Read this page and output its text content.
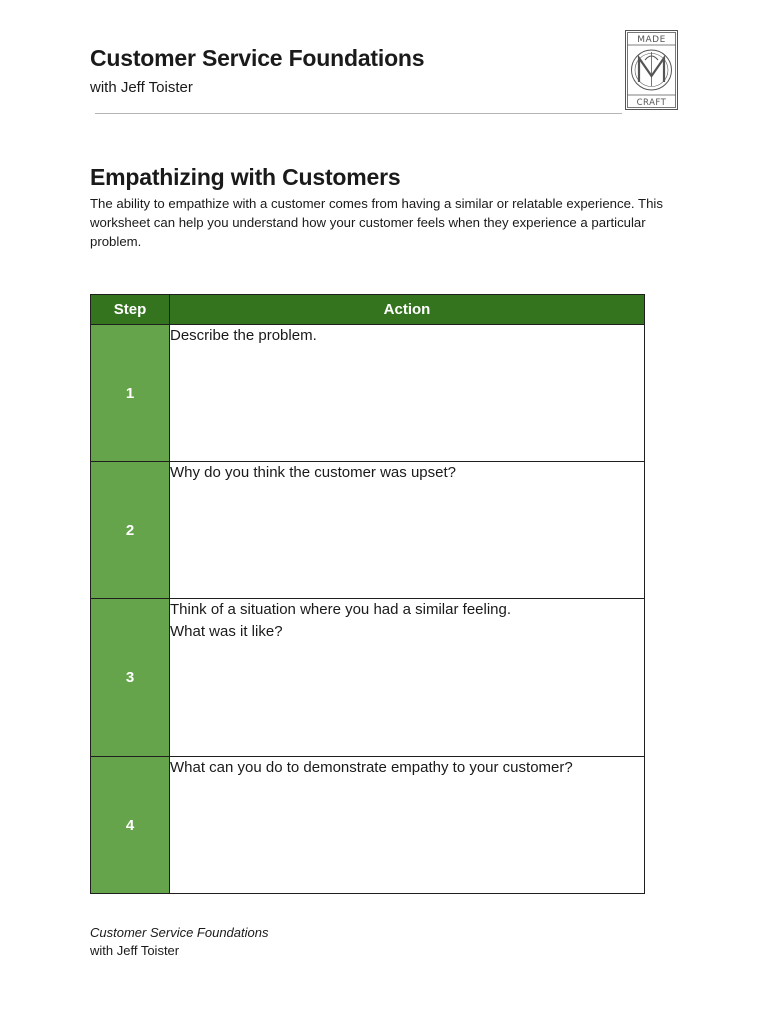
Customer Service Foundations
with Jeff Toister
MADE
CRAFT
Empathizing with Customers

The ability to empathize with a customer comes from having a similar or relatable experience. This worksheet can help you understand how your customer feels when they experience a particular problem.

Step	Action
1	Describe the problem.

2	Why do you think the customer was upset?

3	Think of a situation where you had a similar feeling.
What was it like?

4	What can you do to demonstrate empathy to your customer?
Customer Service Foundations
with Jeff Toister
